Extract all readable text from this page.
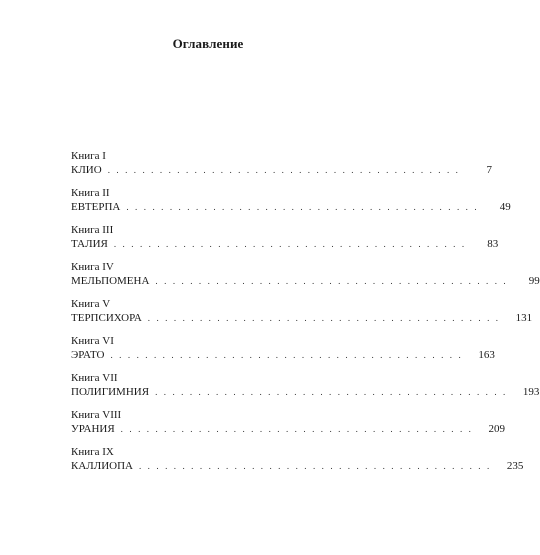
Оглавление
Книга I
КЛИО . . . . . . . . . . . . . . . . . . . . . . . . . . . . . . . . . . . . . . . . .	7
Книга II
ЕВТЕРПА . . . . . . . . . . . . . . . . . . . . . . . . . . . . . . . . . . . . . . . . .	49
Книга III
ТАЛИЯ . . . . . . . . . . . . . . . . . . . . . . . . . . . . . . . . . . . . . . . . .	83
Книга IV
МЕЛЬПОМЕНА . . . . . . . . . . . . . . . . . . . . . . . . . . . . . . . . . . . . . . . . .	99
Книга V
ТЕРПСИХОРА . . . . . . . . . . . . . . . . . . . . . . . . . . . . . . . . . . . . . . . . .	131
Книга VI
ЭРАТО . . . . . . . . . . . . . . . . . . . . . . . . . . . . . . . . . . . . . . . . .	163
Книга VII
ПОЛИГИМНИЯ . . . . . . . . . . . . . . . . . . . . . . . . . . . . . . . . . . . . . . . . .	193
Книга VIII
УРАНИЯ . . . . . . . . . . . . . . . . . . . . . . . . . . . . . . . . . . . . . . . . .	209
Книга IX
КАЛЛИОПА . . . . . . . . . . . . . . . . . . . . . . . . . . . . . . . . . . . . . . . . .	235
